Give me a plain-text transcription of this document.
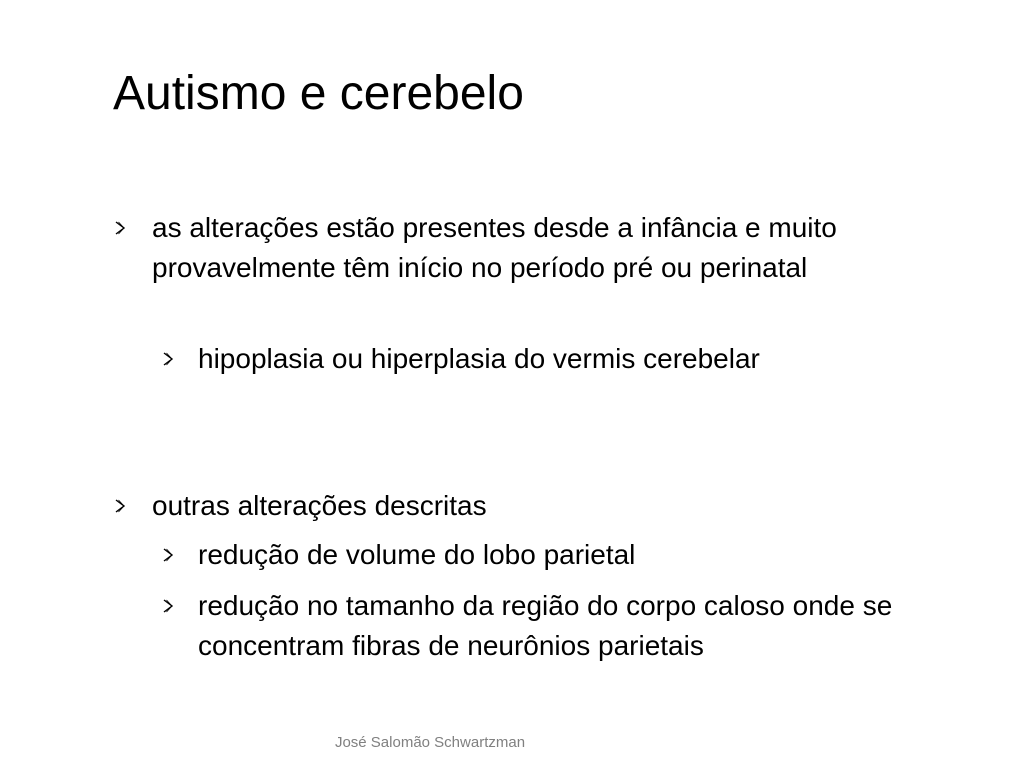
Autismo e cerebelo
as alterações estão presentes desde a infância e muito provavelmente têm início no período pré ou perinatal
hipoplasia ou hiperplasia do vermis cerebelar
outras alterações descritas
redução de volume do lobo parietal
redução no tamanho da região do corpo caloso onde se concentram fibras de neurônios parietais
José Salomão Schwartzman
